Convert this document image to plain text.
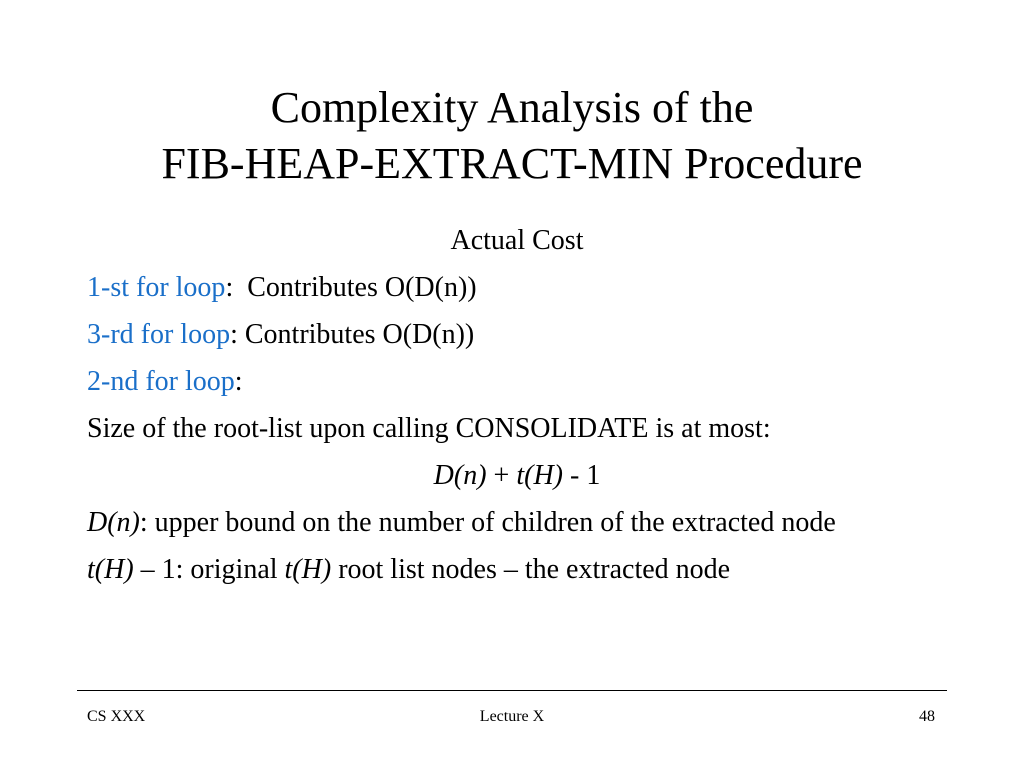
Complexity Analysis of the
FIB-HEAP-EXTRACT-MIN Procedure
Actual Cost
1-st for loop:  Contributes O(D(n))
3-rd for loop: Contributes O(D(n))
2-nd for loop:
Size of the root-list upon calling CONSOLIDATE is at most:
D(n) + t(H) - 1
D(n): upper bound on the number of children of the extracted node
t(H) – 1: original t(H) root list nodes – the extracted node
CS XXX	Lecture X	48
